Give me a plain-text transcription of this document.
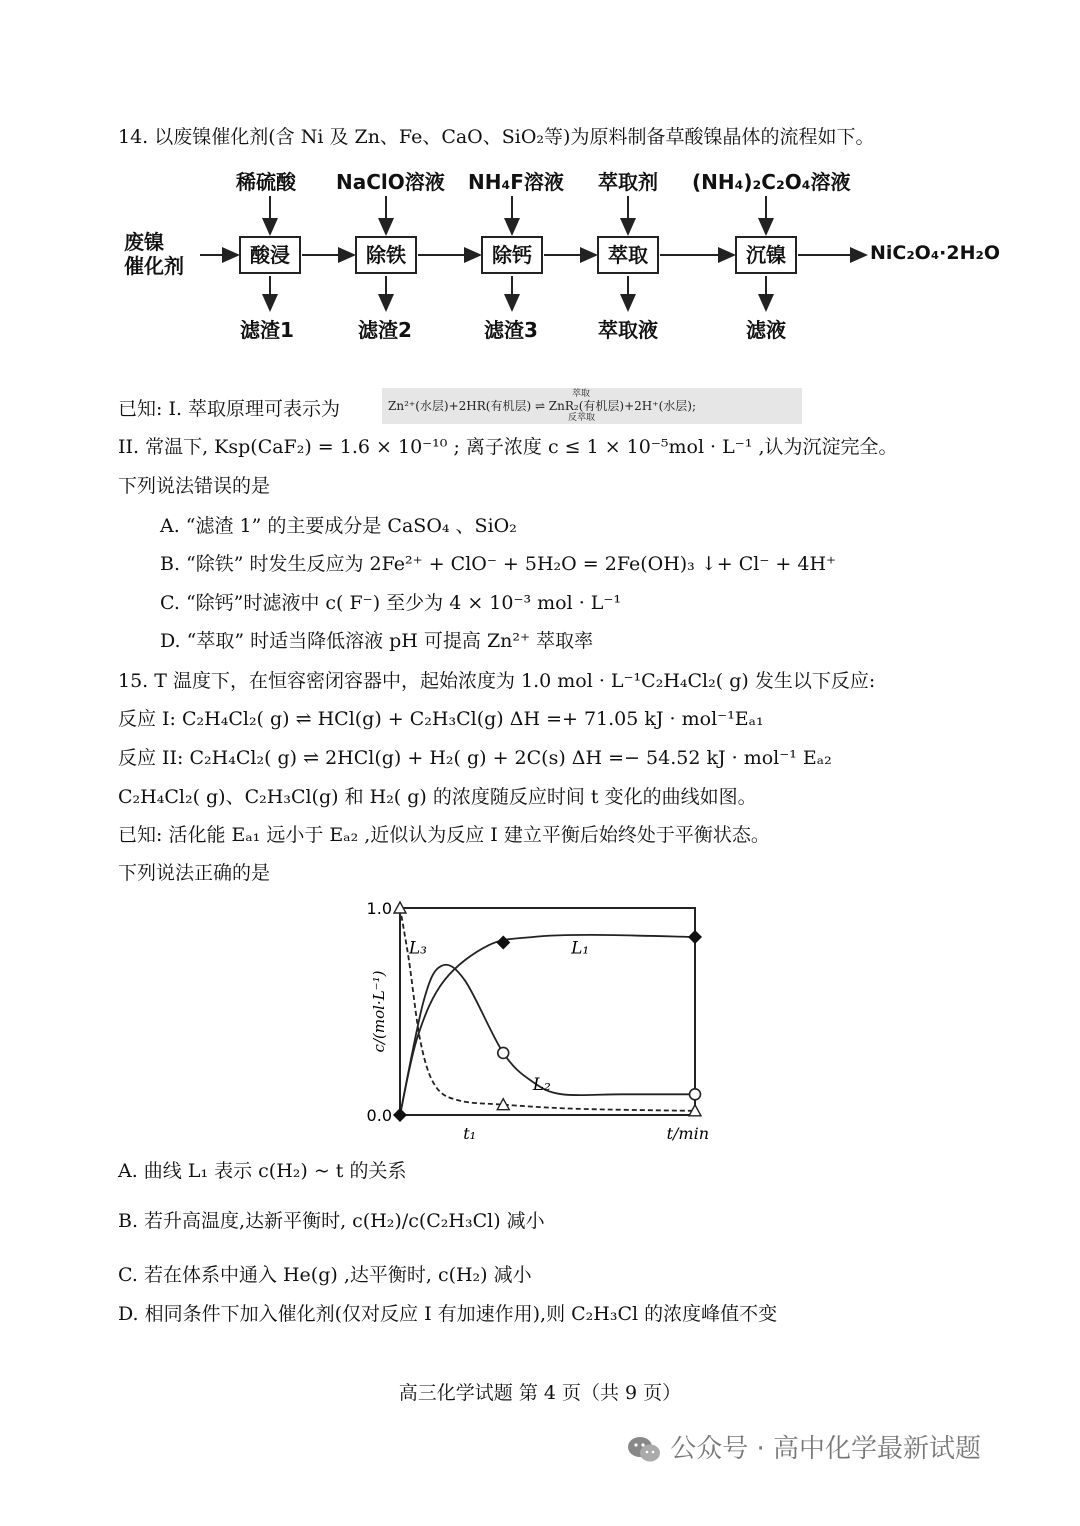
14. 以废镍催化剂(含 Ni 及 Zn、Fe、CaO、SiO₂等)为原料制备草酸镍晶体的流程如下。
废镍
催化剂
稀硫酸 NaClO溶液 NH₄F溶液 萃取剂 (NH₄)₂C₂O₄溶液
酸浸	除铁	除钙	萃取	沉镍	NiC₂O₄·2H₂O
滤渣1	滤渣2	滤渣3	萃取液	滤液
已知: I. 萃取原理可表示为	Zn²⁺(水层)+2HR(有机层) ⇌ ZnR₂(有机层)+2H⁺(水层);
萃取
反萃取
II. 常温下, Ksp(CaF₂) = 1.6 × 10⁻¹⁰ ; 离子浓度 c ≤ 1 × 10⁻⁵mol · L⁻¹ ,认为沉淀完全。
下列说法错误的是
A. “滤渣 1” 的主要成分是 CaSO₄ 、SiO₂
B. “除铁” 时发生反应为 2Fe²⁺ + ClO⁻ + 5H₂O = 2Fe(OH)₃ ↓+ Cl⁻ + 4H⁺
C. “除钙”时滤液中 c( F⁻) 至少为 4 × 10⁻³ mol · L⁻¹
D. “萃取” 时适当降低溶液 pH 可提高 Zn²⁺ 萃取率
15. T 温度下，在恒容密闭容器中，起始浓度为 1.0 mol · L⁻¹C₂H₄Cl₂( g) 发生以下反应:
反应 I: C₂H₄Cl₂( g) ⇌ HCl(g) + C₂H₃Cl(g) ΔH =+ 71.05 kJ · mol⁻¹Eₐ₁
反应 II: C₂H₄Cl₂( g) ⇌ 2HCl(g) + H₂( g) + 2C(s) ΔH =− 54.52 kJ · mol⁻¹ Eₐ₂
C₂H₄Cl₂( g)、C₂H₃Cl(g) 和 H₂( g) 的浓度随反应时间 t 变化的曲线如图。
已知: 活化能 Eₐ₁ 远小于 Eₐ₂ ,近似认为反应 I 建立平衡后始终处于平衡状态。
下列说法正确的是
1.0
0.0
c/(mol·L⁻¹)
t₁	t/min
L₁
L₂
L₃
A. 曲线 L₁ 表示 c(H₂) ~ t 的关系
B. 若升高温度,达新平衡时, c(H₂)/c(C₂H₃Cl) 减小
C. 若在体系中通入 He(g) ,达平衡时, c(H₂) 减小
D. 相同条件下加入催化剂(仅对反应 I 有加速作用),则 C₂H₃Cl 的浓度峰值不变
高三化学试题 第 4 页（共 9 页）
公众号 · 高中化学最新试题
